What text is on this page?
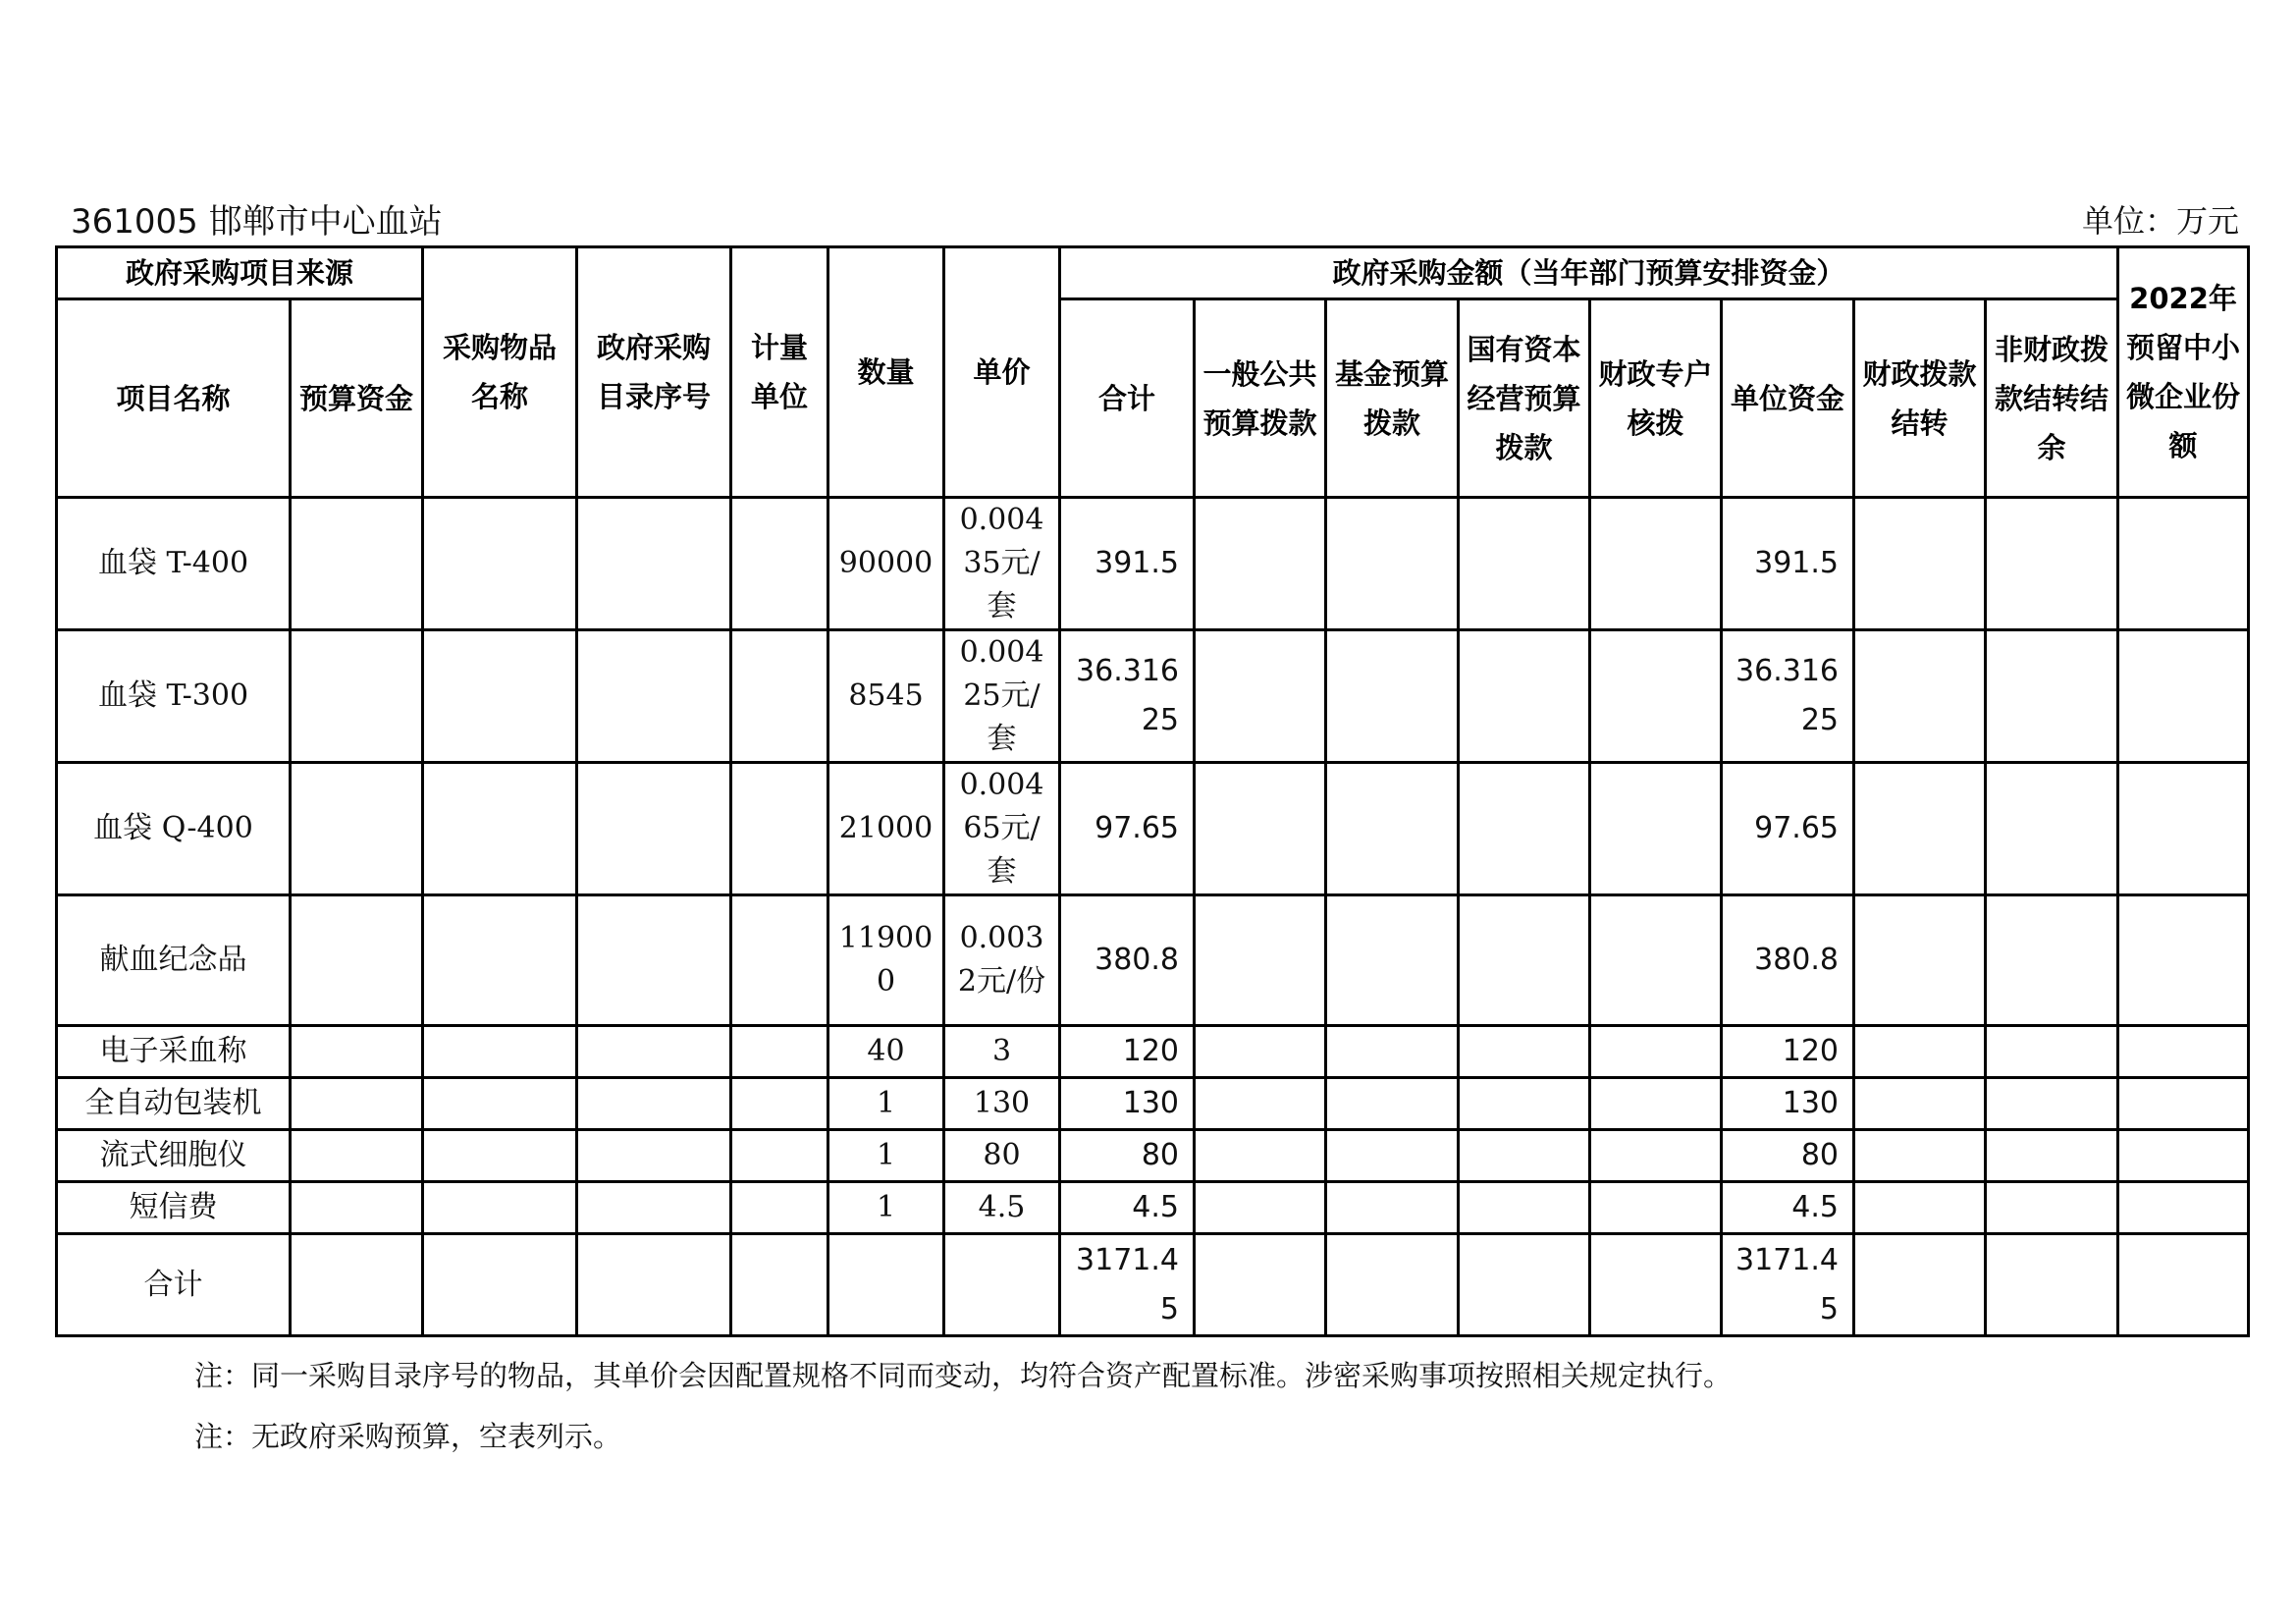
361005 邯郸市中心血站	单位：万元
政府采购项目来源		采购物品名称	政府采购目录序号	计量单位	数量	单价	政府采购金额（当年部门预算安排资金）								2022年预留中小微企业份额
项目名称	预算资金						合计	一般公共预算拨款	基金预算拨款	国有资本经营预算拨款	财政专户核拨	单位资金	财政拨款结转	非财政拨款结转结余	
血袋 T-400					90000	0.00435元/套	391.5					391.5			
血袋 T-300					8545	0.00425元/套	36.31625					36.31625			
血袋 Q-400					21000	0.00465元/套	97.65					97.65			
献血纪念品					119000	0.0032元/份	380.8					380.8			
电子采血称					40	3	120					120			
全自动包装机					1	130	130					130			
流式细胞仪					1	80	80					80			
短信费					1	4.5	4.5					4.5			
合计							3171.45					3171.45			
注：同一采购目录序号的物品，其单价会因配置规格不同而变动，均符合资产配置标准。涉密采购事项按照相关规定执行。
注：无政府采购预算，空表列示。
